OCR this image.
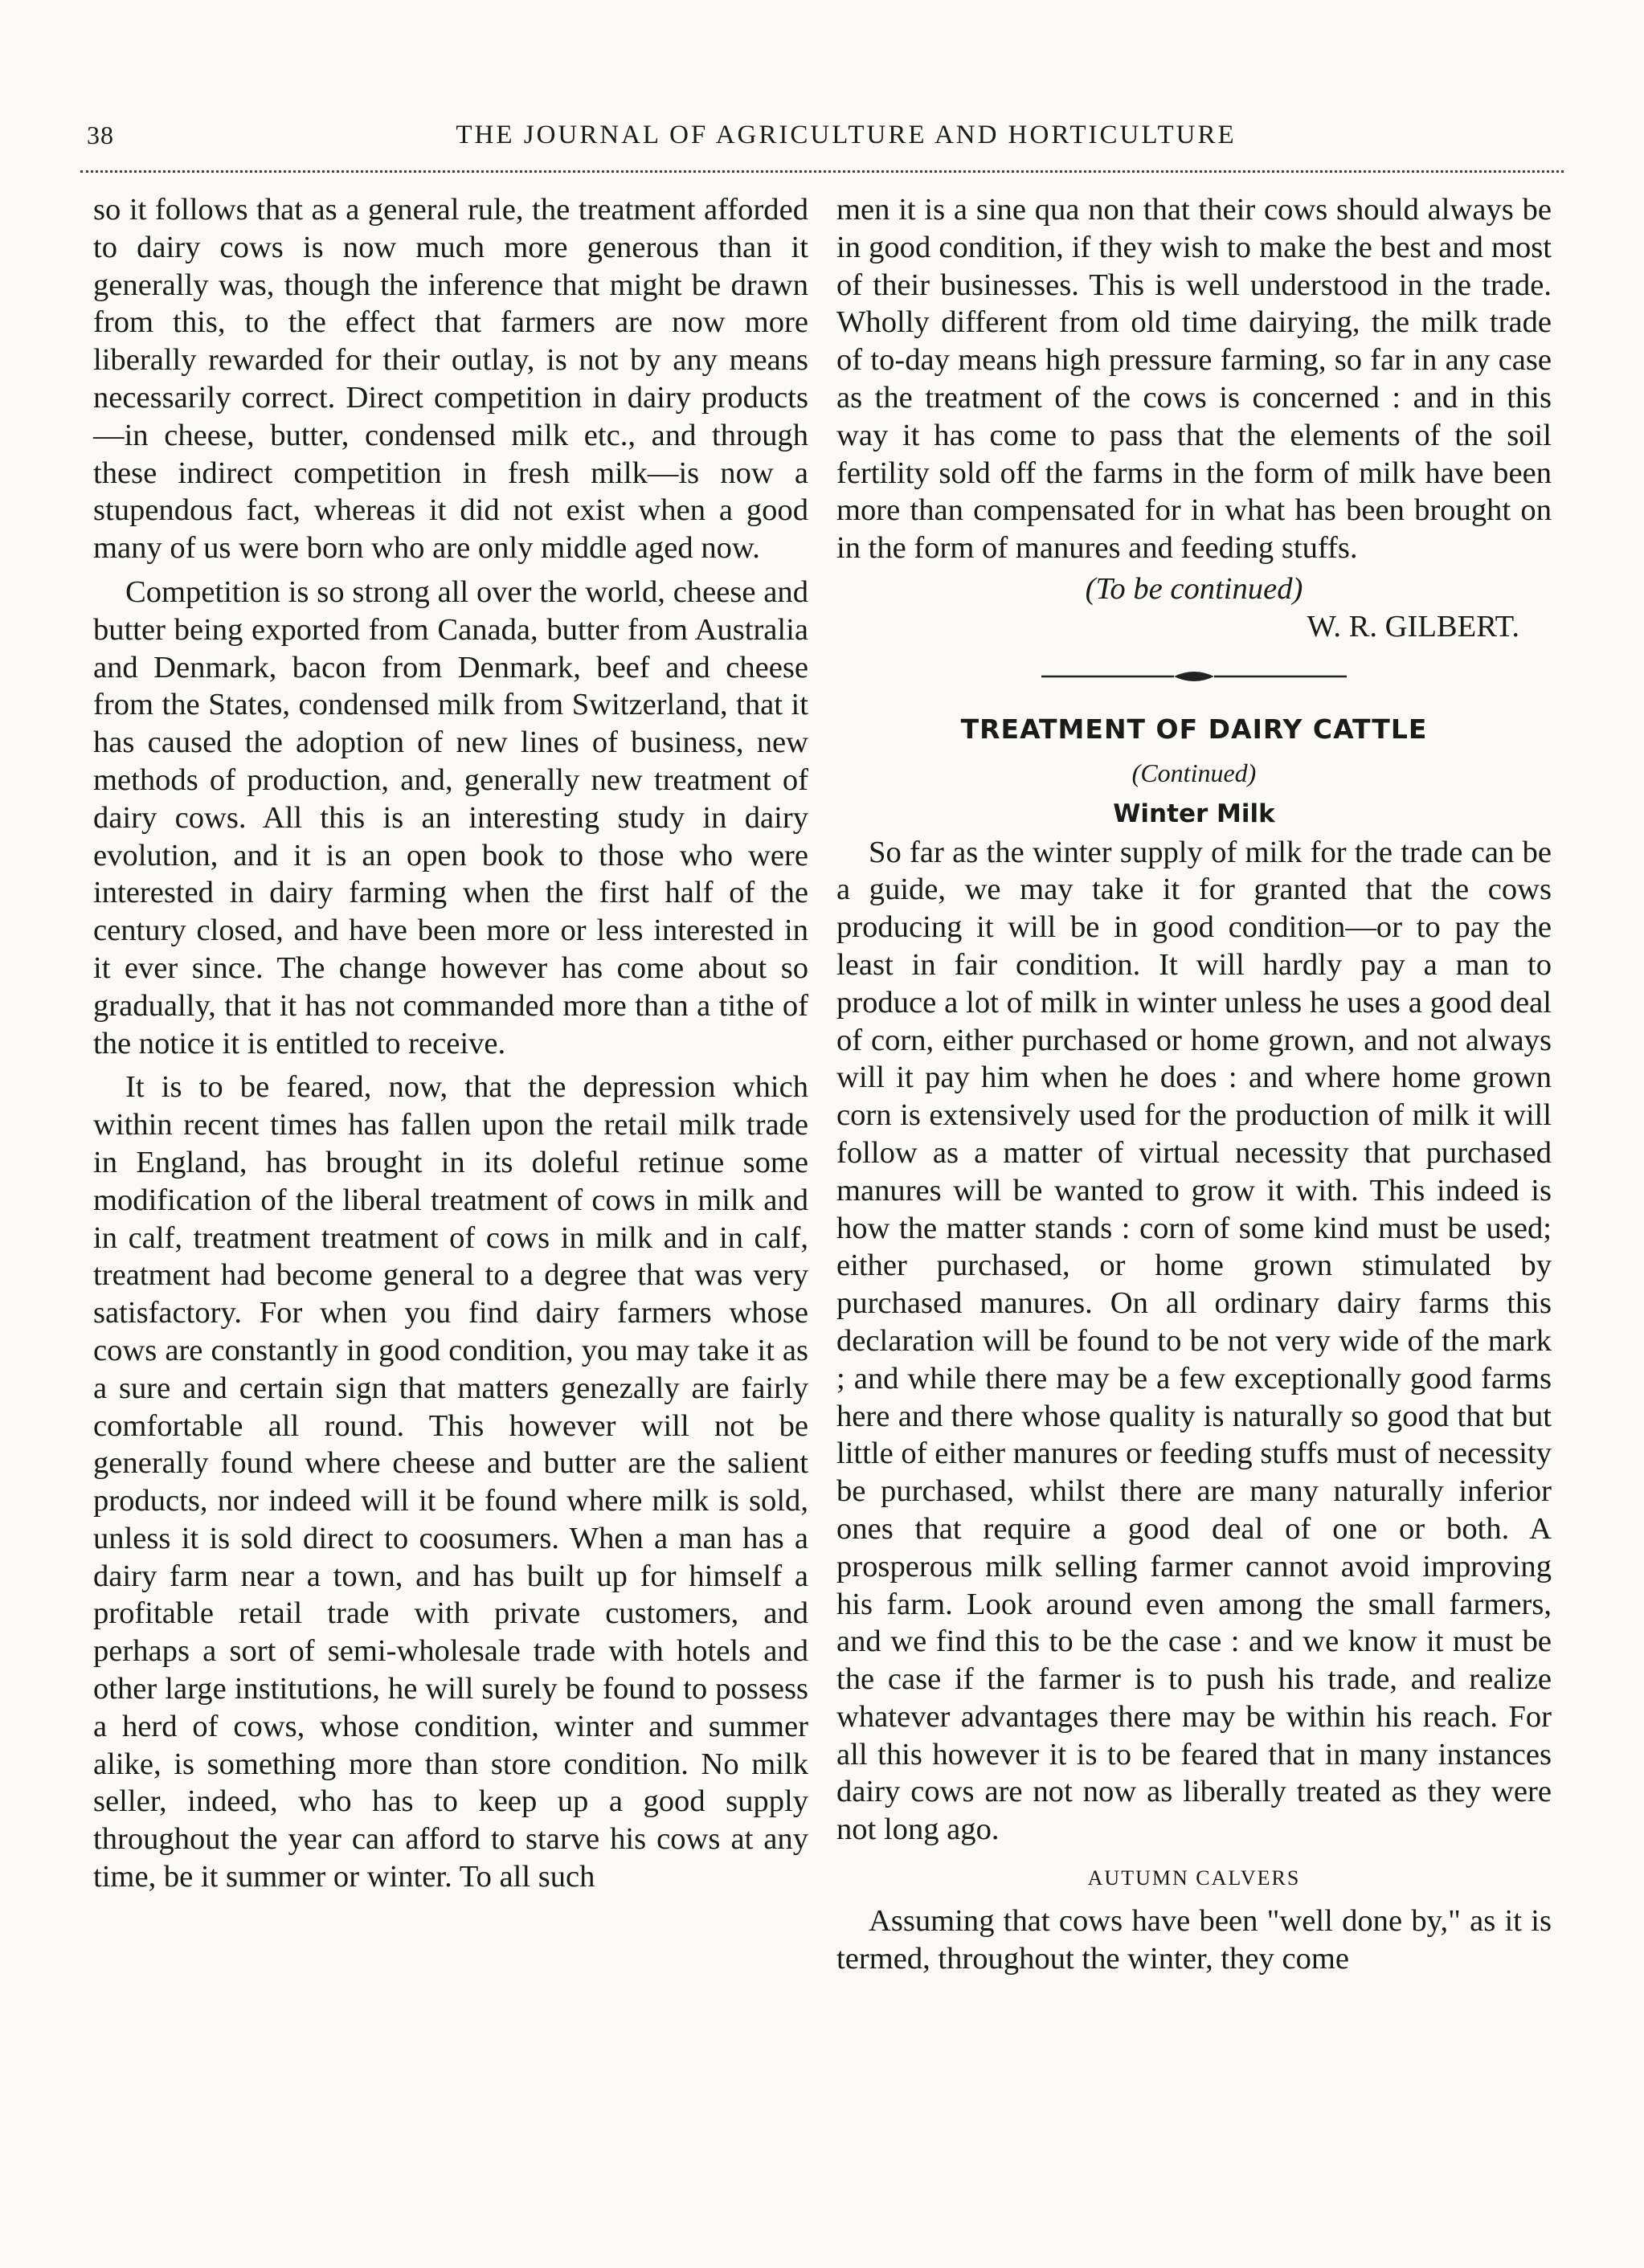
38	THE JOURNAL OF AGRICULTURE AND HORTICULTURE

so it follows that as a general rule, the treatment afforded to dairy cows is now much more generous than it generally was, though the inference that might be drawn from this, to the effect that farmers are now more liberally rewarded for their outlay, is not by any means necessarily correct. Direct competition in dairy products—in cheese, butter, condensed milk etc., and through these indirect competition in fresh milk—is now a stupendous fact, whereas it did not exist when a good many of us were born who are only middle aged now.

Competition is so strong all over the world, cheese and butter being exported from Canada, butter from Australia and Denmark, bacon from Denmark, beef and cheese from the States, condensed milk from Switzerland, that it has caused the adoption of new lines of business, new methods of production, and, generally new treatment of dairy cows. All this is an interesting study in dairy evolution, and it is an open book to those who were interested in dairy farming when the first half of the century closed, and have been more or less interested in it ever since. The change however has come about so gradually, that it has not commanded more than a tithe of the notice it is entitled to receive.

It is to be feared, now, that the depression which within recent times has fallen upon the retail milk trade in England, has brought in its doleful retinue some modification of the liberal treatment of cows in milk and in calf, treatment treatment of cows in milk and in calf, treatment had become general to a degree that was very satisfactory. For when you find dairy farmers whose cows are constantly in good condition, you may take it as a sure and certain sign that matters genezally are fairly comfortable all round. This however will not be generally found where cheese and butter are the salient products, nor indeed will it be found where milk is sold, unless it is sold direct to coosumers. When a man has a dairy farm near a town, and has built up for himself a profitable retail trade with private customers, and perhaps a sort of semi-wholesale trade with hotels and other large institutions, he will surely be found to possess a herd of cows, whose condition, winter and summer alike, is something more than store condition. No milk seller, indeed, who has to keep up a good supply throughout the year can afford to starve his cows at any time, be it summer or winter. To all such

men it is a sine qua non that their cows should always be in good condition, if they wish to make the best and most of their businesses. This is well understood in the trade. Wholly different from old time dairying, the milk trade of to-day means high pressure farming, so far in any case as the treatment of the cows is concerned : and in this way it has come to pass that the elements of the soil fertility sold off the farms in the form of milk have been more than compensated for in what has been brought on in the form of manures and feeding stuffs.

(To be continued)
W. R. GILBERT.
TREATMENT OF DAIRY CATTLE
(Continued)
Winter Milk

So far as the winter supply of milk for the trade can be a guide, we may take it for granted that the cows producing it will be in good condition—or to pay the least in fair condition. It will hardly pay a man to produce a lot of milk in winter unless he uses a good deal of corn, either purchased or home grown, and not always will it pay him when he does : and where home grown corn is extensively used for the production of milk it will follow as a matter of virtual necessity that purchased manures will be wanted to grow it with. This indeed is how the matter stands : corn of some kind must be used; either purchased, or home grown stimulated by purchased manures. On all ordinary dairy farms this declaration will be found to be not very wide of the mark ; and while there may be a few exceptionally good farms here and there whose quality is naturally so good that but little of either manures or feeding stuffs must of necessity be purchased, whilst there are many naturally inferior ones that require a good deal of one or both. A prosperous milk selling farmer cannot avoid improving his farm. Look around even among the small farmers, and we find this to be the case : and we know it must be the case if the farmer is to push his trade, and realize whatever advantages there may be within his reach. For all this however it is to be feared that in many instances dairy cows are not now as liberally treated as they were not long ago.

AUTUMN CALVERS

Assuming that cows have been "well done by," as it is termed, throughout the winter, they come
